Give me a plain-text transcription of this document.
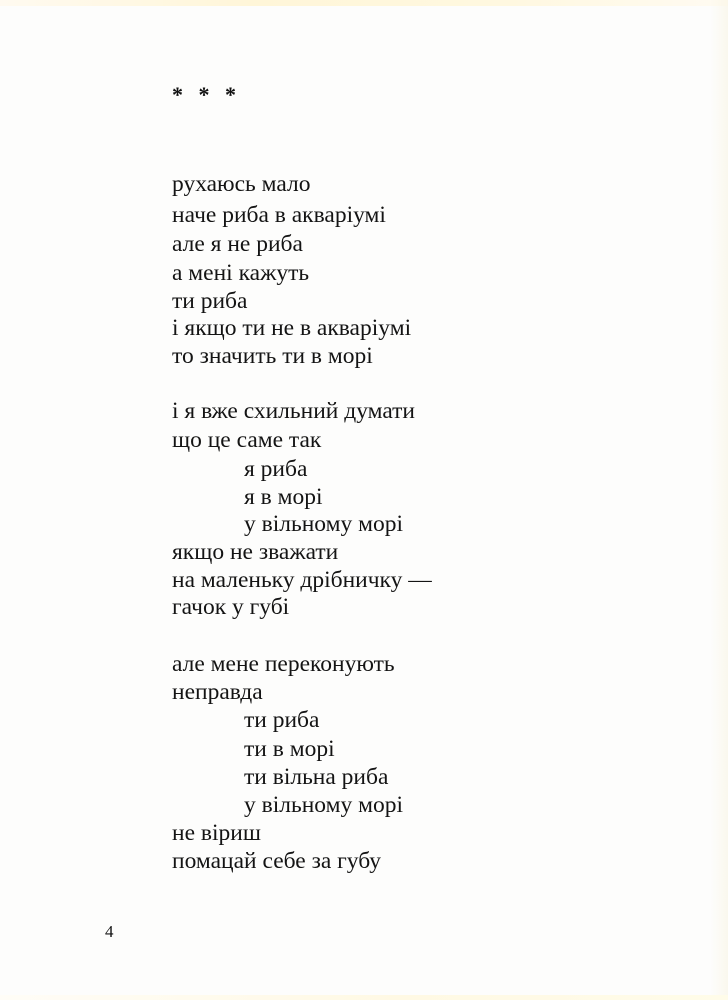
* * *

рухаюсь мало

наче риба в акваріумі

але я не риба

а мені кажуть

ти риба

і якщо ти не в акваріумі

то значить ти в морі

і я вже схильний думати

що це саме так

я риба

я в морі

у вільному морі

якщо не зважати

на маленьку дрібничку —

гачок у губі

але мене переконують

неправда

ти риба

ти в морі

ти вільна риба

у вільному морі

не віриш

помацай себе за губу

4
